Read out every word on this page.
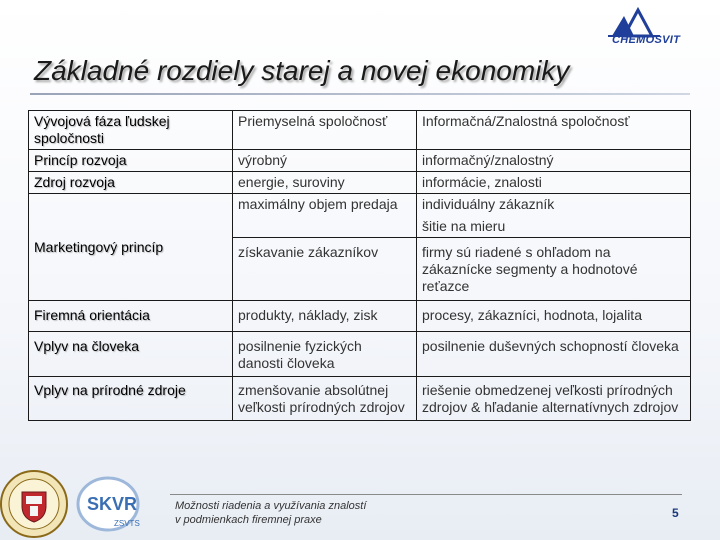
CHEMOSVIT
Základné rozdiely starej a novej ekonomiky
Vývojová fáza ľudskej spoločnosti	Priemyselná spoločnosť	Informačná/Znalostná spoločnosť
Princíp rozvoja	výrobný	informačný/znalostný
Zdroj rozvoja	energie, suroviny	informácie, znalosti
Marketingový princíp	maximálny objem predaja	individuálny zákazník
šitie na mieru

	získavanie zákazníkov	firmy sú riadené s ohľadom na zákaznícke segmenty a hodnotové reťazce
Firemná orientácia	produkty, náklady, zisk	procesy, zákazníci, hodnota, lojalita
Vplyv na človeka	posilnenie fyzických danosti človeka	posilnenie duševných schopností človeka
Vplyv na prírodné zdroje	zmenšovanie absolútnej veľkosti prírodných zdrojov	riešenie obmedzenej veľkosti prírodných zdrojov & hľadanie alternatívnych zdrojov
SKVR
ZSVTS
Možnosti riadenia a využívania znalostí
v podmienkach firemnej praxe	5
